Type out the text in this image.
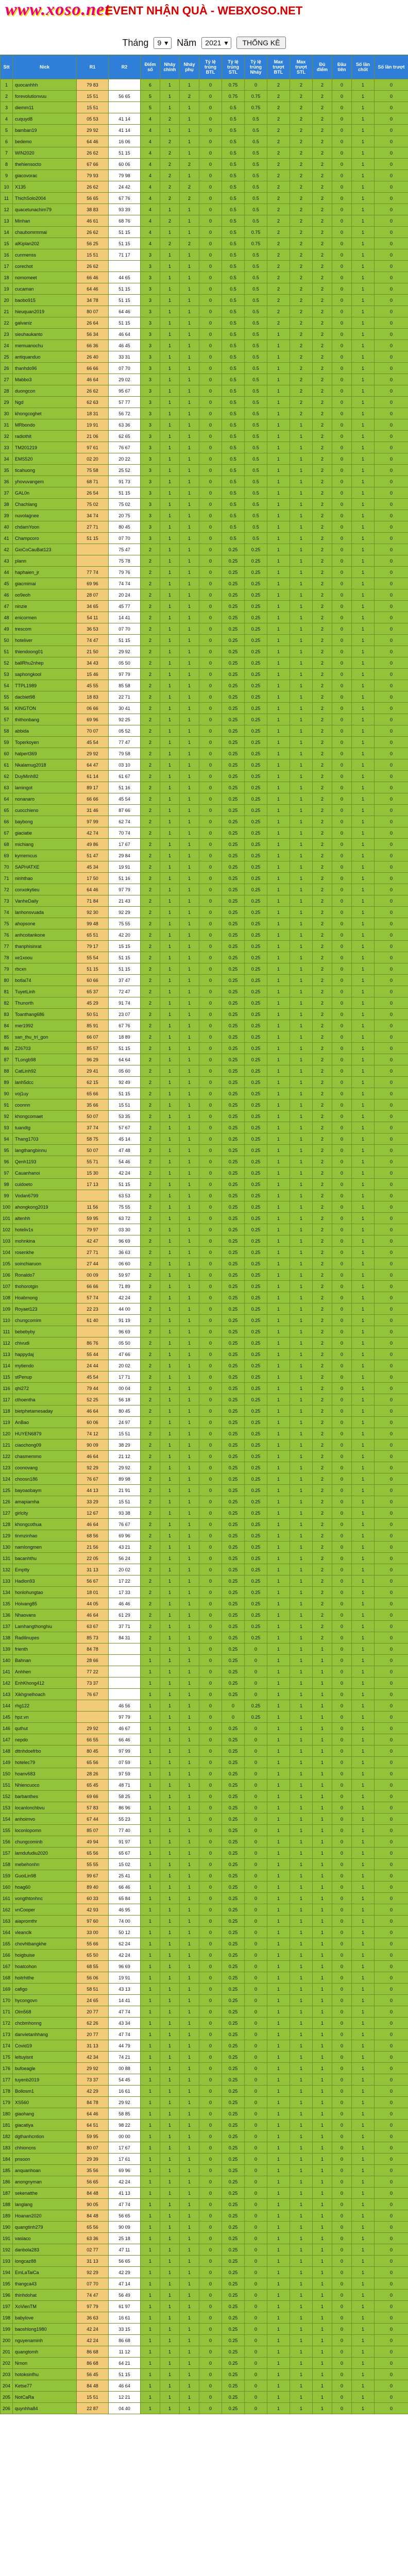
www.xoso.net
EVENT NHẬN QUÀ - WEBXOSO.NET
Tháng 9 ▾ Năm 2021 ▾	THỐNG KÊ
Stt	Nick	R1	R2	Điểm số	Nháy chính	Nháy phụ	Tỷ lệ trúng BTL	Tỷ lệ trúng STL	Tỷ lệ trúng Nháy	Max trượt BTL	Max trượt STL	Đủ điểm	Đầu tiên	Số lần chốt	Số lần trượt
1	quocanhhh	79 83		6	1	1	0	0.75	0	2	2	2	0	1	0
2	forevolutionvuu	15 51	56 65	5	1	2	0	0.75	0.75	2	2	2	0	1	0
3	diemm11	15 51		5	1	1	0	0.5	0.75	2	2	2	0	1	0
4	cuquyd8	05 53	41 14	4	2	1	0	0.5	0.5	2	2	2	0	1	0
5	bamban19	29 92	41 14	4	1	1	0	0.5	0.5	2	2	2	0	1	0
6	bedemo	64 46	16 06	4	2	1	0	0.5	0.5	2	2	2	0	1	0
7	WIN2020	26 62	51 15	4	2	1	0	0.5	0.5	2	2	2	0	1	0
8	thehiensocto	67 66	60 06	4	2	2	0	0.5	0.5	2	2	2	0	1	0
9	giacovorac	79 93	79 98	4	2	1	0	0.5	0.5	2	2	2	0	1	0
10	X135	26 62	24 42	4	2	2	0	0.5	0.5	2	2	2	0	1	0
11	ThichSolo2004	56 65	67 76	4	2	2	0	0.5	0.5	2	2	2	0	1	0
12	quacetunachim79	38 83	93 39	4	1	1	0	0.5	0.5	2	2	2	0	1	0
13	Minhan	46 61	68 76	4	2	1	0	0.5	0.5	2	2	2	0	1	0
14	chaubomrmmai	26 62	51 15	4	1	1	0	0.5	0.75	2	2	2	0	1	0
15	alKiplan202	56 25	51 15	4	2	2	0	0.5	0.75	2	2	2	0	1	0
16	cunmenss	15 51	71 17	3	1	1	0	0.5	0.5	2	2	2	0	1	0
17	corechot	26 62		3	1	1	0	0.5	0.5	2	2	2	0	1	0
18	nomomeet	66 46	44 65	3	1	1	0	0.5	0.5	2	2	2	0	1	0
19	cucaman	64 46	51 15	3	1	1	0	0.5	0.5	2	2	2	0	1	0
20	baobo915	34 78	51 15	3	1	1	0	0.5	0.5	2	2	2	0	1	0
21	hieuquan2019	80 07	64 46	3	1	1	0	0.5	0.5	2	2	2	0	1	0
22	galvaniz	26 64	51 15	3	1	1	0	0.5	0.5	2	2	2	0	1	0
23	sieuhaukanto	56 34	46 64	3	1	1	0	0.5	0.5	1	2	2	0	1	0
24	memuanochu	66 36	46 45	3	1	1	0	0.5	0.5	1	2	2	0	1	0
25	antiquanduo	26 40	33 31	3	1	1	0	0.5	0.5	1	2	2	0	1	0
26	thanhdo96	66 66	07 70	3	1	1	0	0.5	0.5	1	2	2	0	1	0
27	Mabbo3	46 64	29 02	3	1	1	0	0.5	0.5	1	2	2	0	1	0
28	duongcon	26 62	95 67	3	1	1	0	0.5	0.5	1	2	2	0	1	0
29	Ngd	62 63	57 77	3	1	1	0	0.5	0.5	1	2	2	0	1	0
30	khongcoghet	18 31	56 72	3	1	1	0	0.5	0.5	1	2	2	0	1	0
31	MRbondo	19 91	63 36	3	1	1	0	0.5	0.5	1	1	2	0	1	0
32	radiothit	21 06	62 65	3	1	1	0	0.5	0.5	1	1	2	0	1	0
33	TM201219	97 61	76 67	3	1	1	0	0.5	0.5	1	1	2	0	1	0
34	EMS520	02 20	20 22	3	1	1	0	0.5	0.5	1	1	2	0	1	0
35	ticahuong	75 58	25 52	3	1	1	0	0.5	0.5	1	1	2	0	1	0
36	yhovuvangem	68 71	91 73	3	1	1	0	0.5	0.5	1	1	2	0	1	0
37	GAL0n	26 54	51 15	3	1	1	0	0.5	0.5	1	1	2	0	1	0
38	Chachlang	75 02	75 02	3	1	1	0	0.5	0.5	1	1	2	0	1	0
39	nuvolagnee	34 74	20 75	3	1	1	0	0.5	0.5	1	1	2	0	1	0
40	chdamYoon	27 71	80 45	3	1	1	0	0.5	0.5	1	1	2	0	1	0
41	Champcoro	51 15	07 70	3	1	1	0	0.5	0.5	1	1	2	0	1	0
42	GioCoCauBat123		75 47	2	1	1	0	0.25	0.25	1	1	2	0	1	0
43	plann		75 78	2	1	1	0	0.25	0.25	1	1	2	0	1	0
44	haphaien_jr	77 74	79 76	2	1	1	0	0.25	0.25	1	1	2	0	1	0
45	giacmimai	69 96	74 74	2	1	1	0	0.25	0.25	1	1	2	0	1	0
46	oo9eoh	28 07	20 24	2	1	1	0	0.25	0.25	1	1	2	0	1	0
47	ninzie	34 65	45 77	2	1	1	0	0.25	0.25	1	1	2	0	1	0
48	enicormen	54 11	14 41	2	1	1	0	0.25	0.25	1	1	2	0	1	0
49	trescom	36 53	07 70	2	1	1	0	0.25	0.25	1	1	2	0	1	0
50	hoteliver	74 47	51 15	2	1	1	0	0.25	0.25	1	1	2	0	1	0
51	thiendoong01	21 50	29 92	2	1	1	0	0.25	0.25	1	1	2	0	1	0
52	ballRhu2nhep	34 43	05 50	2	1	1	0	0.25	0.25	1	1	2	0	1	0
53	saphongkool	15 46	97 79	2	1	1	0	0.25	0.25	1	1	2	0	1	0
54	TTPL1989	45 55	85 58	2	1	1	0	0.25	0.25	1	1	2	0	1	0
55	dacbiet98	18 83	22 71	2	1	1	0	0.25	0.25	1	1	2	0	1	0
56	KINGTON	06 66	30 41	2	1	1	0	0.25	0.25	1	1	2	0	1	0
57	thithonbang	69 96	92 25	2	1	1	0	0.25	0.25	1	1	2	0	1	0
58	abbida	70 07	05 52	2	1	1	0	0.25	0.25	1	1	2	0	1	0
59	Toperkoyen	45 54	77 47	2	1	1	0	0.25	0.25	1	1	2	0	1	0
60	halpert369	29 92	79 58	2	1	1	0	0.25	0.25	1	1	2	0	1	0
61	Nkalamug2018	64 47	03 10	2	1	1	0	0.25	0.25	1	1	2	0	1	0
62	DuyMinh82	61 14	61 67	2	1	1	0	0.25	0.25	1	1	2	0	1	0
63	lamingot	89 17	51 16	2	1	1	0	0.25	0.25	1	1	2	0	1	0
64	nonanaro	66 66	45 54	2	1	1	0	0.25	0.25	1	1	2	0	1	0
65	cuocchieno	31 46	87 66	2	1	1	0	0.25	0.25	1	1	2	0	1	0
66	baybong	97 99	62 74	2	1	1	0	0.25	0.25	1	1	2	0	1	0
67	giaciatie	42 74	70 74	2	1	1	0	0.25	0.25	1	1	2	0	1	0
68	michiang	49 86	17 67	2	1	1	0	0.25	0.25	1	1	2	0	1	0
69	kymemcus	51 47	29 84	2	1	1	0	0.25	0.25	1	1	2	0	1	0
70	SAPHATXE	45 34	19 91	2	1	1	0	0.25	0.25	1	1	2	0	1	0
71	ninhthao	17 50	51 16	2	1	1	0	0.25	0.25	1	1	2	0	1	0
72	conxokytieu	64 46	97 79	2	1	1	0	0.25	0.25	1	1	2	0	1	0
73	VanheDaily	71 84	21 43	2	1	1	0	0.25	0.25	1	1	2	0	1	0
74	lanhonsvuada	92 30	92 29	2	1	1	0	0.25	0.25	1	1	2	0	1	0
75	ahopsone	99 48	75 55	2	1	1	0	0.25	0.25	1	1	2	0	1	0
76	anhcoitankone	65 51	42 20	2	1	1	0	0.25	0.25	1	1	2	0	1	0
77	thanphisinrat	79 17	15 15	2	1	1	0	0.25	0.25	1	1	2	0	1	0
78	xe1xoou	55 54	51 15	2	1	1	0	0.25	0.25	1	1	2	0	1	0
79	rbcxn	51 15	51 15	2	1	1	0	0.25	0.25	1	1	2	0	1	0
80	botlai74	60 66	37 47	2	1	1	0	0.25	0.25	1	1	2	0	1	0
81	TuyetLinh	65 37	72 47	2	1	1	0	0.25	0.25	1	1	2	0	1	0
82	Thunorth	45 29	91 74	2	1	1	0	0.25	0.25	1	1	2	0	1	0
83	Toanthang686	50 51	23 07	2	1	1	0	0.25	0.25	1	1	2	0	1	0
84	mer1992	85 91	67 76	2	1	1	0	0.25	0.25	1	1	2	0	1	0
85	san_thu_tri_gon	66 07	18 89	2	1	1	0	0.25	0.25	1	1	2	0	1	0
86	Z26703	85 57	51 15	2	1	1	0	0.25	0.25	1	1	2	0	1	0
87	TLongb98	96 29	64 64	2	1	1	0	0.25	0.25	1	1	2	0	1	0
88	CatLinh92	29 41	05 60	2	1	1	0	0.25	0.25	1	1	2	0	1	0
89	lanh5dcc	62 15	92 49	2	1	1	0	0.25	0.25	1	1	2	0	1	0
90	voj1uy	65 66	51 15	2	1	1	0	0.25	0.25	1	1	2	0	1	0
91	coonnn	35 66	15 51	2	1	1	0	0.25	0.25	1	1	2	0	1	0
92	khongcomaet	50 07	53 35	2	1	1	0	0.25	0.25	1	1	2	0	1	0
93	tuandtg	37 74	57 67	2	1	1	0	0.25	0.25	1	1	2	0	1	0
94	Thang1703	58 75	45 14	2	1	1	0	0.25	0.25	1	1	2	0	1	0
95	langthangbinnu	50 07	47 48	2	1	1	0	0.25	0.25	1	1	2	0	1	0
96	Qenh1193	55 71	54 46	2	1	1	0	0.25	0.25	1	1	2	0	1	0
97	Cauanhanoi	15 30	42 24	2	1	1	0	0.25	0.25	1	1	2	0	1	0
98	cuidoeto	17 13	51 15	2	1	1	0	0.25	0.25	1	1	2	0	1	0
99	Vodan6799		63 53	2	1	1	0	0.25	0.25	1	1	2	0	1	0
100	ahongkong2019	11 56	75 55	2	1	1	0	0.25	0.25	1	1	2	0	1	0
101	altenhh	59 95	63 72	2	1	1	0	0.25	0.25	1	1	2	0	1	0
102	hoteliv1s	79 97	03 30	2	1	1	0	0.25	0.25	1	1	2	0	1	0
103	mohnkina	42 47	96 69	2	1	1	0	0.25	0.25	1	1	2	0	1	0
104	rosenkhe	27 71	36 63	2	1	1	0	0.25	0.25	1	1	2	0	1	0
105	soinchiaruon	27 44	06 60	2	1	1	0	0.25	0.25	1	1	2	0	1	0
106	Ronaldo7	00 09	59 97	2	1	1	0	0.25	0.25	1	1	2	0	1	0
107	thohorotgin	66 66	71 89	2	1	1	0	0.25	0.25	1	1	2	0	1	0
108	Hoabmong	57 74	42 24	2	1	1	0	0.25	0.25	1	1	2	0	1	0
109	Royaet123	22 23	44 00	2	1	1	0	0.25	0.25	1	1	2	0	1	0
110	chungcomim	61 40	91 19	2	1	1	0	0.25	0.25	1	1	2	0	1	0
111	bebebyby		96 69	2	1	1	0	0.25	0.25	1	1	2	0	1	0
112	chivudi	86 76	05 50	2	1	1	0	0.25	0.25	1	1	2	0	1	0
113	happydaj	55 44	47 66	2	1	1	0	0.25	0.25	1	1	2	0	1	0
114	mytiendo	24 44	20 02	2	1	1	0	0.25	0.25	1	1	2	0	1	0
115	stPenup	45 54	17 71	2	1	1	0	0.25	0.25	1	1	2	0	1	0
116	qhi272	79 44	00 04	2	1	1	0	0.25	0.25	1	1	2	0	1	0
117	cthoentha	52 25	56 18	2	1	1	0	0.25	0.25	1	1	2	0	1	0
118	bietphetamesaday	46 64	80 45	2	1	1	0	0.25	0.25	1	1	2	0	1	0
119	AnBao	60 06	24 97	2	1	1	0	0.25	0.25	1	1	2	0	1	0
120	HUYEN6879	74 12	15 51	2	1	1	0	0.25	0.25	1	1	2	0	1	0
121	ciaochong09	90 09	38 29	2	1	1	0	0.25	0.25	1	1	2	0	1	0
122	chasmemmo	46 64	21 12	2	1	1	0	0.25	0.25	1	1	2	0	1	0
123	coonovang	92 29	29 92	2	1	1	0	0.25	0.25	1	1	2	0	1	0
124	choosn186	76 67	89 98	2	1	1	0	0.25	0.25	1	1	2	0	1	0
125	bayoaobaym	44 13	21 91	2	1	1	0	0.25	0.25	1	1	2	0	1	0
126	amapiamha	33 29	15 51	2	1	1	0	0.25	0.25	1	1	2	0	1	0
127	girlcity	12 67	93 38	2	1	1	0	0.25	0.25	1	1	2	0	1	0
128	khongcothua	46 64	76 67	2	1	1	0	0.25	0.25	1	1	2	0	1	0
129	tinmzinhao	68 56	69 96	2	1	1	0	0.25	0.25	1	1	2	0	1	0
130	namlongmen	21 56	43 21	2	1	1	0	0.25	0.25	1	1	2	0	1	0
131	bacanhthu	22 05	56 24	2	1	1	0	0.25	0.25	1	1	2	0	1	0
132	Emptty	31 13	20 02	2	1	1	0	0.25	0.25	1	1	2	0	1	0
133	Hadlon93	56 67	17 22	2	1	1	0	0.25	0.25	1	1	2	0	1	0
134	honlohungtao	18 01	17 33	2	1	1	0	0.25	0.25	1	1	2	0	1	0
135	Hoivang85	44 05	46 46	2	1	1	0	0.25	0.25	1	1	2	0	1	0
136	Nhaovans	46 64	61 29	2	1	1	0	0.25	0.25	1	1	2	0	1	0
137	Lamhangthonghiu	63 67	37 71	2	1	1	0	0.25	0.25	1	1	2	0	1	0
138	Radilinupes	85 73	84 31	2	1	1	0	0.25	0.25	1	1	2	0	1	0
139	frienth	84 78		1	1	1	0	0.25	0	1	1	1	0	1	0
140	Bahnan	28 66		1	1	1	0	0.25	0	1	1	1	0	1	0
141	Anhhen	77 22		1	1	1	0	0.25	0	1	1	1	0	1	0
142	EnhKhong412	73 37		1	1	1	0	0.25	0	1	1	1	0	1	0
143	Xikhgnelhoach	76 67		1	1	1	0	0.25	0	1	1	1	0	1	0
144	rhg122		46 56	1	1	1	0	0	0.25	1	1	1	0	1	0
145	hpz.vn		97 79	1	1	1	0	0	0.25	1	1	1	0	1	0
146	quthut	29 92	46 67	1	1	1	0	0.25	0	1	1	1	0	1	0
147	nepdo	66 55	66 46	1	1	1	0	0.25	0	1	1	1	0	1	0
148	dttnhdoefrbo	80 45	97 99	1	1	1	0	0.25	0	1	1	1	0	1	0
149	hotelec79	65 56	07 59	1	1	1	0	0.25	0	1	1	1	0	1	0
150	hoanv683	28 26	97 59	1	1	1	0	0.25	0	1	1	1	0	1	0
151	Nhiencuoco	65 45	48 71	1	1	1	0	0.25	0	1	1	1	0	1	0
152	barbanthes	69 66	58 25	1	1	1	0	0.25	0	1	1	1	0	1	0
153	locanlonchbvu	57 83	86 96	1	1	1	0	0.25	0	1	1	1	0	1	0
154	anhoimvo	67 44	55 23	1	1	1	0	0.25	0	1	1	1	0	1	0
155	loconlopomn	85 07	77 40	1	1	1	0	0.25	0	1	1	1	0	1	0
156	chungcominb	49 94	91 97	1	1	1	0	0.25	0	1	1	1	0	1	0
157	lamdufudiu2020	65 56	65 67	1	1	1	0	0.25	0	1	1	1	0	1	0
158	mebehonhn	55 55	15 02	1	1	1	0	0.25	0	1	1	1	0	1	0
159	GuoiLin98	99 67	25 41	1	1	1	0	0.25	0	1	1	1	0	1	0
160	hoag60	89 40	66 46	1	1	1	0	0.25	0	1	1	1	0	1	0
161	vongthtonhnc	60 33	65 84	1	1	1	0	0.25	0	1	1	1	0	1	0
162	vnCooper	42 93	46 95	1	1	1	0	0.25	0	1	1	1	0	1	0
163	aiapromthr	97 60	74 00	1	1	1	0	0.25	0	1	1	1	0	1	0
164	vleanclk	33 00	50 12	1	1	1	0	0.25	0	1	1	1	0	1	0
165	chovhtbangkhe	55 66	62 24	1	1	1	0	0.25	0	1	1	1	0	1	0
166	hoigbuise	65 50	42 24	1	1	1	0	0.25	0	1	1	1	0	1	0
167	hoatcohon	68 55	96 69	1	1	1	0	0.25	0	1	1	1	0	1	0
168	hoitrhithe	56 06	19 91	1	1	1	0	0.25	0	1	1	1	0	1	0
169	cafigo	58 51	43 13	1	1	1	0	0.25	0	1	1	1	0	1	0
170	hycongovn	24 65	14 41	1	1	1	0	0.25	0	1	1	1	0	1	0
171	Olm568	20 77	47 74	1	1	1	0	0.25	0	1	1	1	0	1	0
172	chcbmhonng	62 26	43 34	1	1	1	0	0.25	0	1	1	1	0	1	0
173	danvietanhhang	20 77	47 74	1	1	1	0	0.25	0	1	1	1	0	1	0
174	Covid19	31 13	44 79	1	1	1	0	0.25	0	1	1	1	0	1	0
175	leltuyisnt	42 34	74 21	1	1	1	0	0.25	0	1	1	1	0	1	0
176	bufoeagle	29 92	00 88	1	1	1	0	0.25	0	1	1	1	0	1	0
177	tuyenb2019	73 37	54 45	1	1	1	0	0.25	0	1	1	1	0	1	0
178	Bollosm1	42 29	16 61	1	1	1	0	0.25	0	1	1	1	0	1	0
179	XS560	84 78	29 92	1	1	1	0	0.25	0	1	1	1	0	1	0
180	giaohang	64 46	58 85	1	1	1	0	0.25	0	1	1	1	0	1	0
181	giacatlya	64 51	98 22	1	1	1	0	0.25	0	1	1	1	0	1	0
182	dgthanhcntion	59 95	00 00	1	1	1	0	0.25	0	1	1	1	0	1	0
183	chhioncns	80 07	17 67	1	1	1	0	0.25	0	1	1	1	0	1	0
184	pnsoon	29 39	17 61	1	1	1	0	0.25	0	1	1	1	0	1	0
185	anquanhoan	35 56	69 96	1	1	1	0	0.25	0	1	1	1	0	1	0
186	anongnyman	56 65	42 24	1	1	1	0	0.25	0	1	1	1	0	1	0
187	sekenatthe	84 48	41 13	1	1	1	0	0.25	0	1	1	1	0	1	0
188	langlang	90 05	47 74	1	1	1	0	0.25	0	1	1	1	0	1	0
189	Hoanan2020	84 48	56 65	1	1	1	0	0.25	0	1	1	1	0	1	0
190	quangtinh279	65 56	90 09	1	1	1	0	0.25	0	1	1	1	0	1	0
191	vasiaco	63 36	25 18	1	1	1	0	0.25	0	1	1	1	0	1	0
192	danbola283	02 77	47 11	1	1	1	0	0.25	0	1	1	1	0	1	0
193	longcaz88	31 13	56 65	1	1	1	0	0.25	0	1	1	1	0	1	0
194	EmLaTaiCa	92 29	42 29	1	1	1	0	0.25	0	1	1	1	0	1	0
195	thangca43	07 70	47 14	1	1	1	0	0.25	0	1	1	1	0	1	0
196	thinhdohat	74 47	56 49	1	1	1	0	0.25	0	1	1	1	0	1	0
197	XoVienTM	97 79	61 97	1	1	1	0	0.25	0	1	1	1	0	1	0
198	babylove	36 63	16 61	1	1	1	0	0.25	0	1	1	1	0	1	0
199	baoshlong1980	42 24	33 15	1	1	1	0	0.25	0	1	1	1	0	1	0
200	nguyenaminh	42 24	86 68	1	1	1	0	0.25	0	1	1	1	0	1	0
201	quangtomh	86 68	11 12	1	1	1	0	0.25	0	1	1	1	0	1	0
202	Nmon	86 68	64 21	1	1	1	0	0.25	0	1	1	1	0	1	0
203	hotoksinfhu	56 45	51 15	1	1	1	0	0.25	0	1	1	1	0	1	0
204	Ketse77	84 48	46 64	1	1	1	0	0.25	0	1	1	1	0	1	0
205	NotCaRa	15 51	12 21	1	1	1	0	0.25	0	1	1	1	0	1	0
206	quynhha84	22 87	04 40	1	1	1	0	0.25	0	1	1	1	0	1	0
